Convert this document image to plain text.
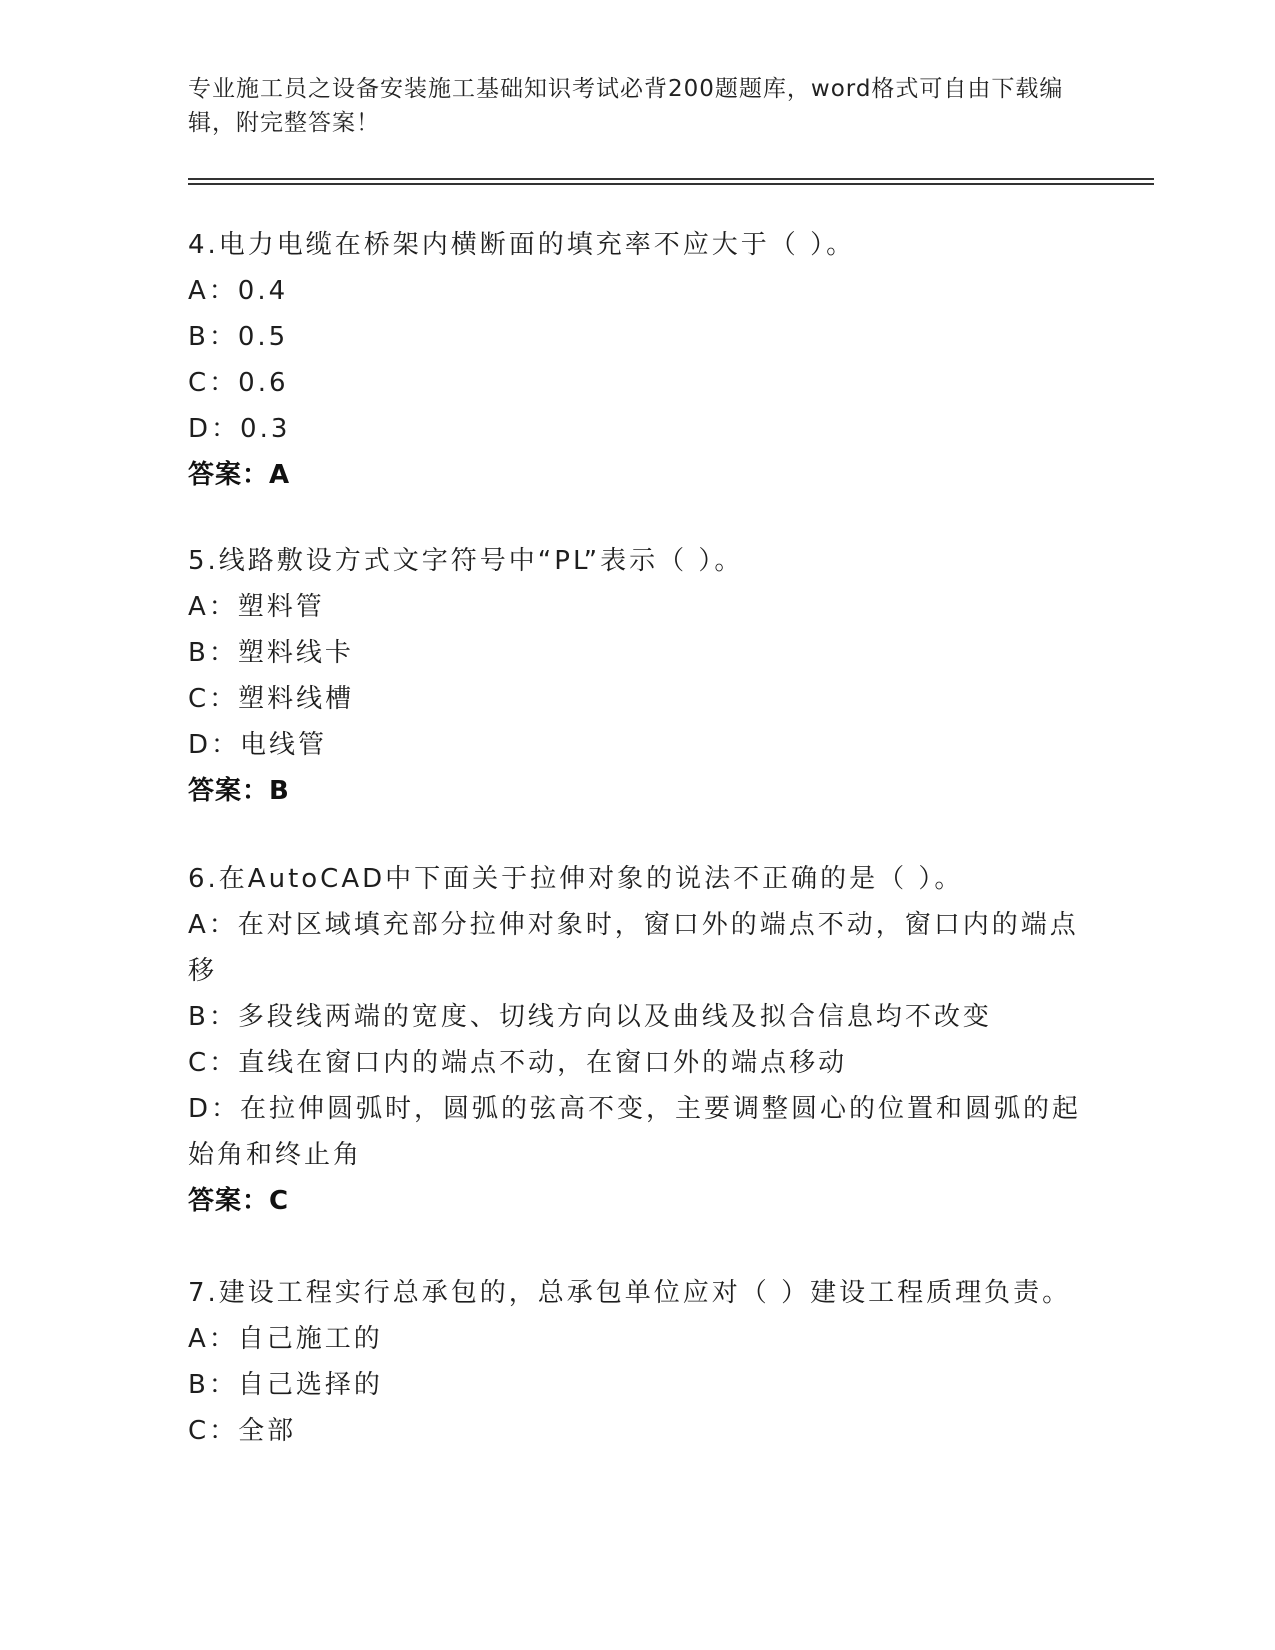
专业施工员之设备安装施工基础知识考试必背200题题库，word格式可自由下载编辑，附完整答案！

4.电力电缆在桥架内横断面的填充率不应大于（ ）。

A：0.4

B：0.5

C：0.6

D：0.3

答案：A

5.线路敷设方式文字符号中“PL”表示（ ）。

A：塑料管

B：塑料线卡

C：塑料线槽

D：电线管

答案：B

6.在AutoCAD中下面关于拉伸对象的说法不正确的是（ ）。

A：在对区域填充部分拉伸对象时，窗口外的端点不动，窗口内的端点移

B：多段线两端的宽度、切线方向以及曲线及拟合信息均不改变

C：直线在窗口内的端点不动，在窗口外的端点移动

D：在拉伸圆弧时，圆弧的弦高不变，主要调整圆心的位置和圆弧的起始角和终止角

答案：C

7.建设工程实行总承包的，总承包单位应对（ ）建设工程质理负责。

A：自己施工的

B：自己选择的

C：全部
